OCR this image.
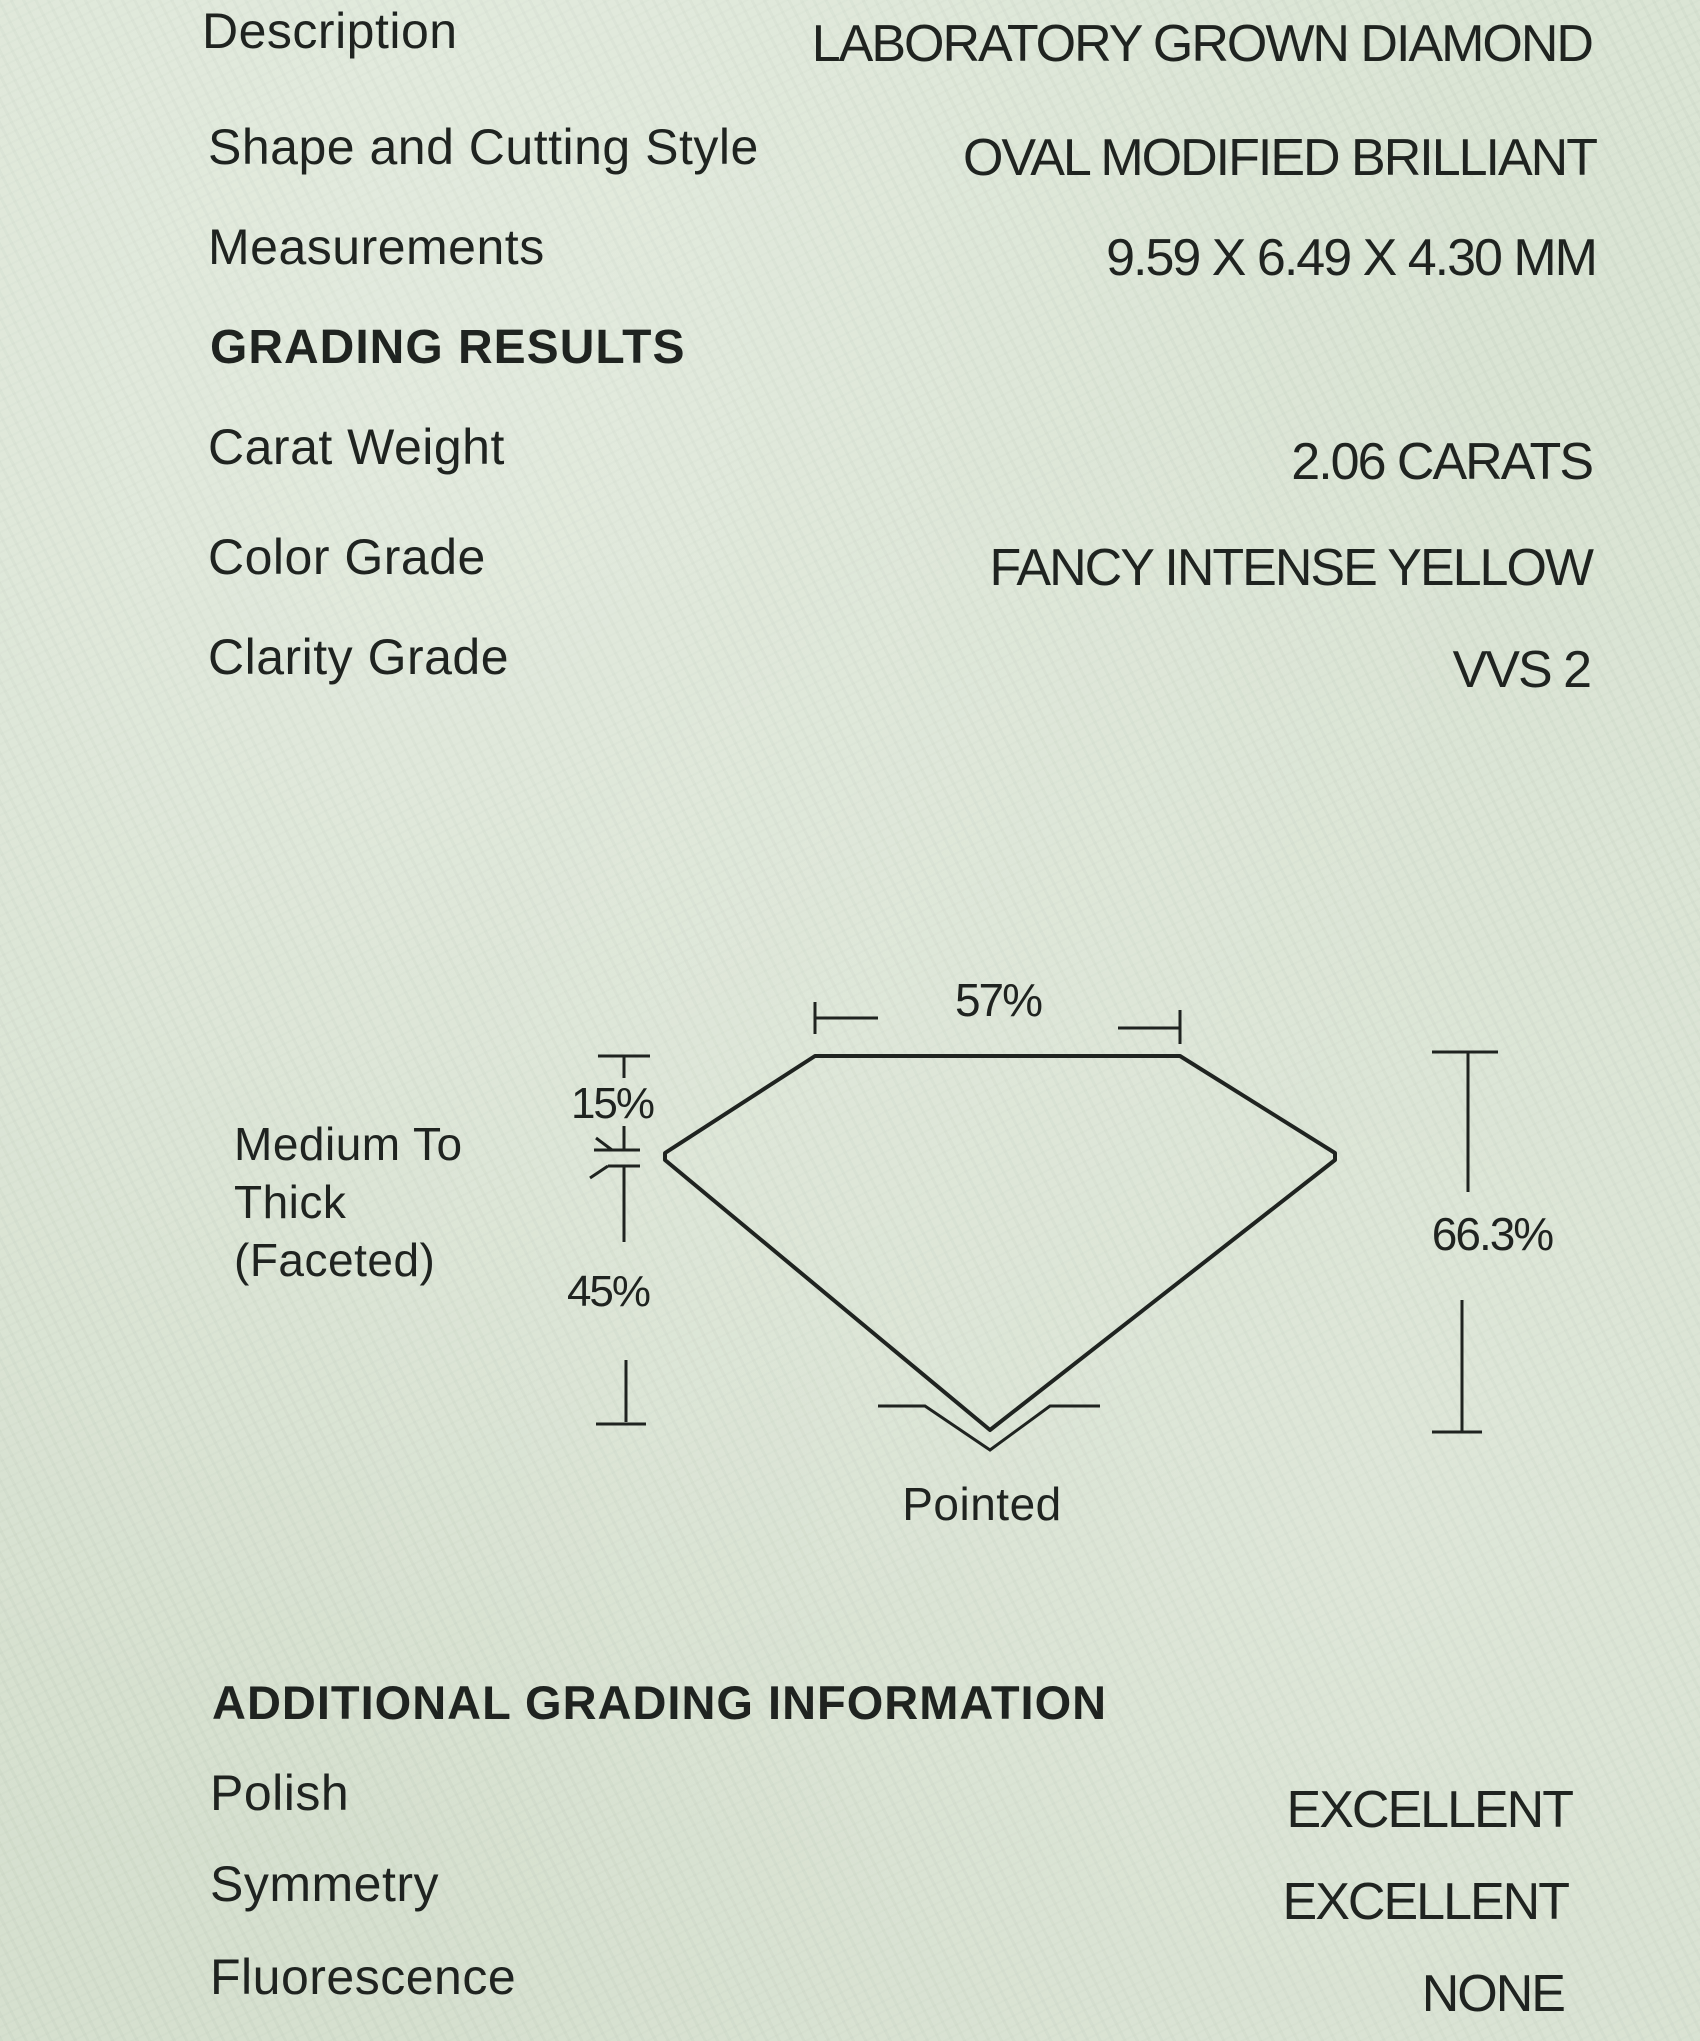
Description	LABORATORY GROWN DIAMOND
Shape and Cutting Style	OVAL MODIFIED BRILLIANT
Measurements	9.59 X 6.49 X 4.30 MM
GRADING RESULTS
Carat Weight	2.06 CARATS
Color Grade	FANCY INTENSE YELLOW
Clarity Grade	VVS 2
57%
66.3%
15%
45%
Medium To
Thick
(Faceted)
Pointed
ADDITIONAL GRADING INFORMATION
Polish	EXCELLENT
Symmetry	EXCELLENT
Fluorescence	NONE
